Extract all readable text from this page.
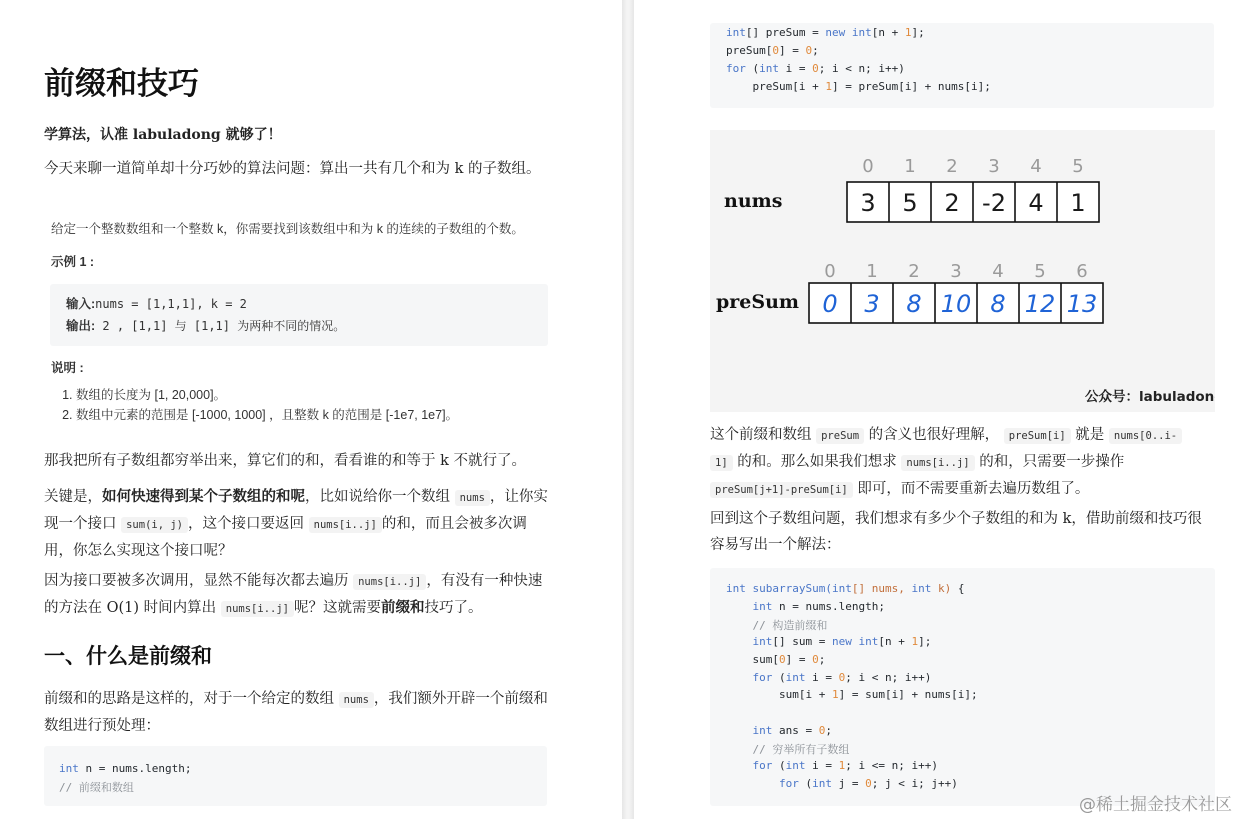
前缀和技巧
学算法，认准 labuladong 就够了！
今天来聊一道简单却十分巧妙的算法问题：算出一共有几个和为 k 的子数组。
给定一个整数数组和一个整数 k，你需要找到该数组中和为 k 的连续的子数组的个数。
示例 1 :
输入:nums = [1,1,1], k = 2
输出: 2 , [1,1] 与 [1,1] 为两种不同的情况。
说明 :
1. 数组的长度为 [1, 20,000]。
2. 数组中元素的范围是 [-1000, 1000] ，且整数 k 的范围是 [-1e7, 1e7]。
那我把所有子数组都穷举出来，算它们的和，看看谁的和等于 k 不就行了。
关键是，如何快速得到某个子数组的和呢，比如说给你一个数组 nums ，让你实现一个接口 sum(i, j) ，这个接口要返回 nums[i..j] 的和，而且会被多次调用，你怎么实现这个接口呢？
因为接口要被多次调用，显然不能每次都去遍历 nums[i..j] ，有没有一种快速的方法在 O(1) 时间内算出 nums[i..j] 呢？这就需要前缀和技巧了。
一、什么是前缀和
前缀和的思路是这样的，对于一个给定的数组 nums ，我们额外开辟一个前缀和数组进行预处理：
int n = nums.length;
// 前缀和数组
int[] preSum = new int[n + 1];
preSum[0] = 0;
for (int i = 0; i < n; i++)
preSum[i + 1] = preSum[i] + nums[i];
nums
0 1 2 3 4 5
3 5 2 -2 4 1
preSum
0 1 2 3 4 5 6
0 3 8 10 8 12 13
公众号：labuladong
这个前缀和数组 preSum 的含义也很好理解， preSum[i] 就是 nums[0..i-
1] 的和。那么如果我们想求 nums[i..j] 的和，只需要一步操作
preSum[j+1]-preSum[i] 即可，而不需要重新去遍历数组了。
回到这个子数组问题，我们想求有多少个子数组的和为 k，借助前缀和技巧很容易写出一个解法：
int subarraySum(int[] nums, int k) {
int n = nums.length;
// 构造前缀和
int[] sum = new int[n + 1];
sum[0] = 0;
for (int i = 0; i < n; i++)
sum[i + 1] = sum[i] + nums[i];
int ans = 0;
// 穷举所有子数组
for (int i = 1; i <= n; i++)
for (int j = 0; j < i; j++)
@稀土掘金技术社区
